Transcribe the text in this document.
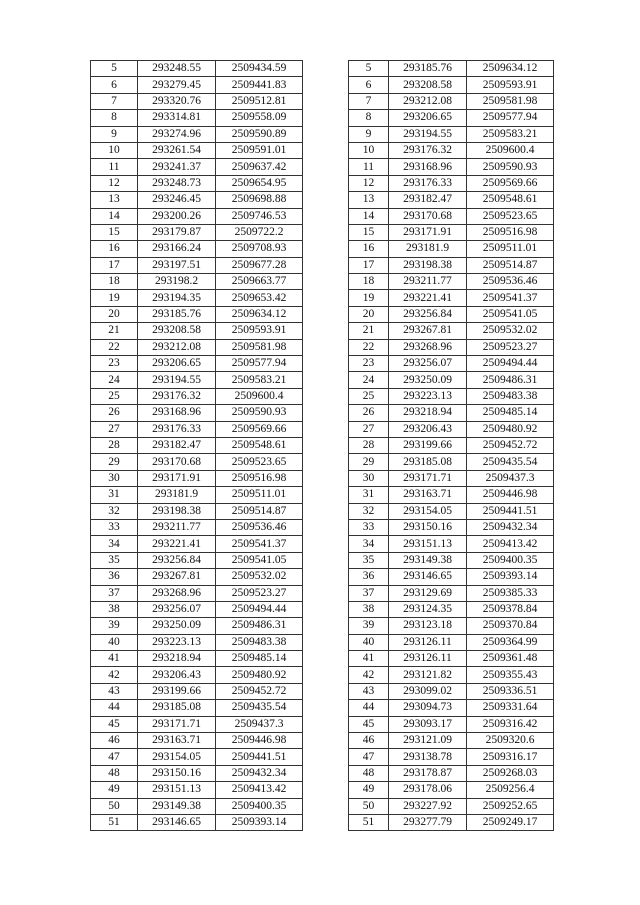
5	293248.55	2509434.59
6	293279.45	2509441.83
7	293320.76	2509512.81
8	293314.81	2509558.09
9	293274.96	2509590.89
10	293261.54	2509591.01
11	293241.37	2509637.42
12	293248.73	2509654.95
13	293246.45	2509698.88
14	293200.26	2509746.53
15	293179.87	2509722.2
16	293166.24	2509708.93
17	293197.51	2509677.28
18	293198.2	2509663.77
19	293194.35	2509653.42
20	293185.76	2509634.12
21	293208.58	2509593.91
22	293212.08	2509581.98
23	293206.65	2509577.94
24	293194.55	2509583.21
25	293176.32	2509600.4
26	293168.96	2509590.93
27	293176.33	2509569.66
28	293182.47	2509548.61
29	293170.68	2509523.65
30	293171.91	2509516.98
31	293181.9	2509511.01
32	293198.38	2509514.87
33	293211.77	2509536.46
34	293221.41	2509541.37
35	293256.84	2509541.05
36	293267.81	2509532.02
37	293268.96	2509523.27
38	293256.07	2509494.44
39	293250.09	2509486.31
40	293223.13	2509483.38
41	293218.94	2509485.14
42	293206.43	2509480.92
43	293199.66	2509452.72
44	293185.08	2509435.54
45	293171.71	2509437.3
46	293163.71	2509446.98
47	293154.05	2509441.51
48	293150.16	2509432.34
49	293151.13	2509413.42
50	293149.38	2509400.35
51	293146.65	2509393.14
5	293185.76	2509634.12
6	293208.58	2509593.91
7	293212.08	2509581.98
8	293206.65	2509577.94
9	293194.55	2509583.21
10	293176.32	2509600.4
11	293168.96	2509590.93
12	293176.33	2509569.66
13	293182.47	2509548.61
14	293170.68	2509523.65
15	293171.91	2509516.98
16	293181.9	2509511.01
17	293198.38	2509514.87
18	293211.77	2509536.46
19	293221.41	2509541.37
20	293256.84	2509541.05
21	293267.81	2509532.02
22	293268.96	2509523.27
23	293256.07	2509494.44
24	293250.09	2509486.31
25	293223.13	2509483.38
26	293218.94	2509485.14
27	293206.43	2509480.92
28	293199.66	2509452.72
29	293185.08	2509435.54
30	293171.71	2509437.3
31	293163.71	2509446.98
32	293154.05	2509441.51
33	293150.16	2509432.34
34	293151.13	2509413.42
35	293149.38	2509400.35
36	293146.65	2509393.14
37	293129.69	2509385.33
38	293124.35	2509378.84
39	293123.18	2509370.84
40	293126.11	2509364.99
41	293126.11	2509361.48
42	293121.82	2509355.43
43	293099.02	2509336.51
44	293094.73	2509331.64
45	293093.17	2509316.42
46	293121.09	2509320.6
47	293138.78	2509316.17
48	293178.87	2509268.03
49	293178.06	2509256.4
50	293227.92	2509252.65
51	293277.79	2509249.17
